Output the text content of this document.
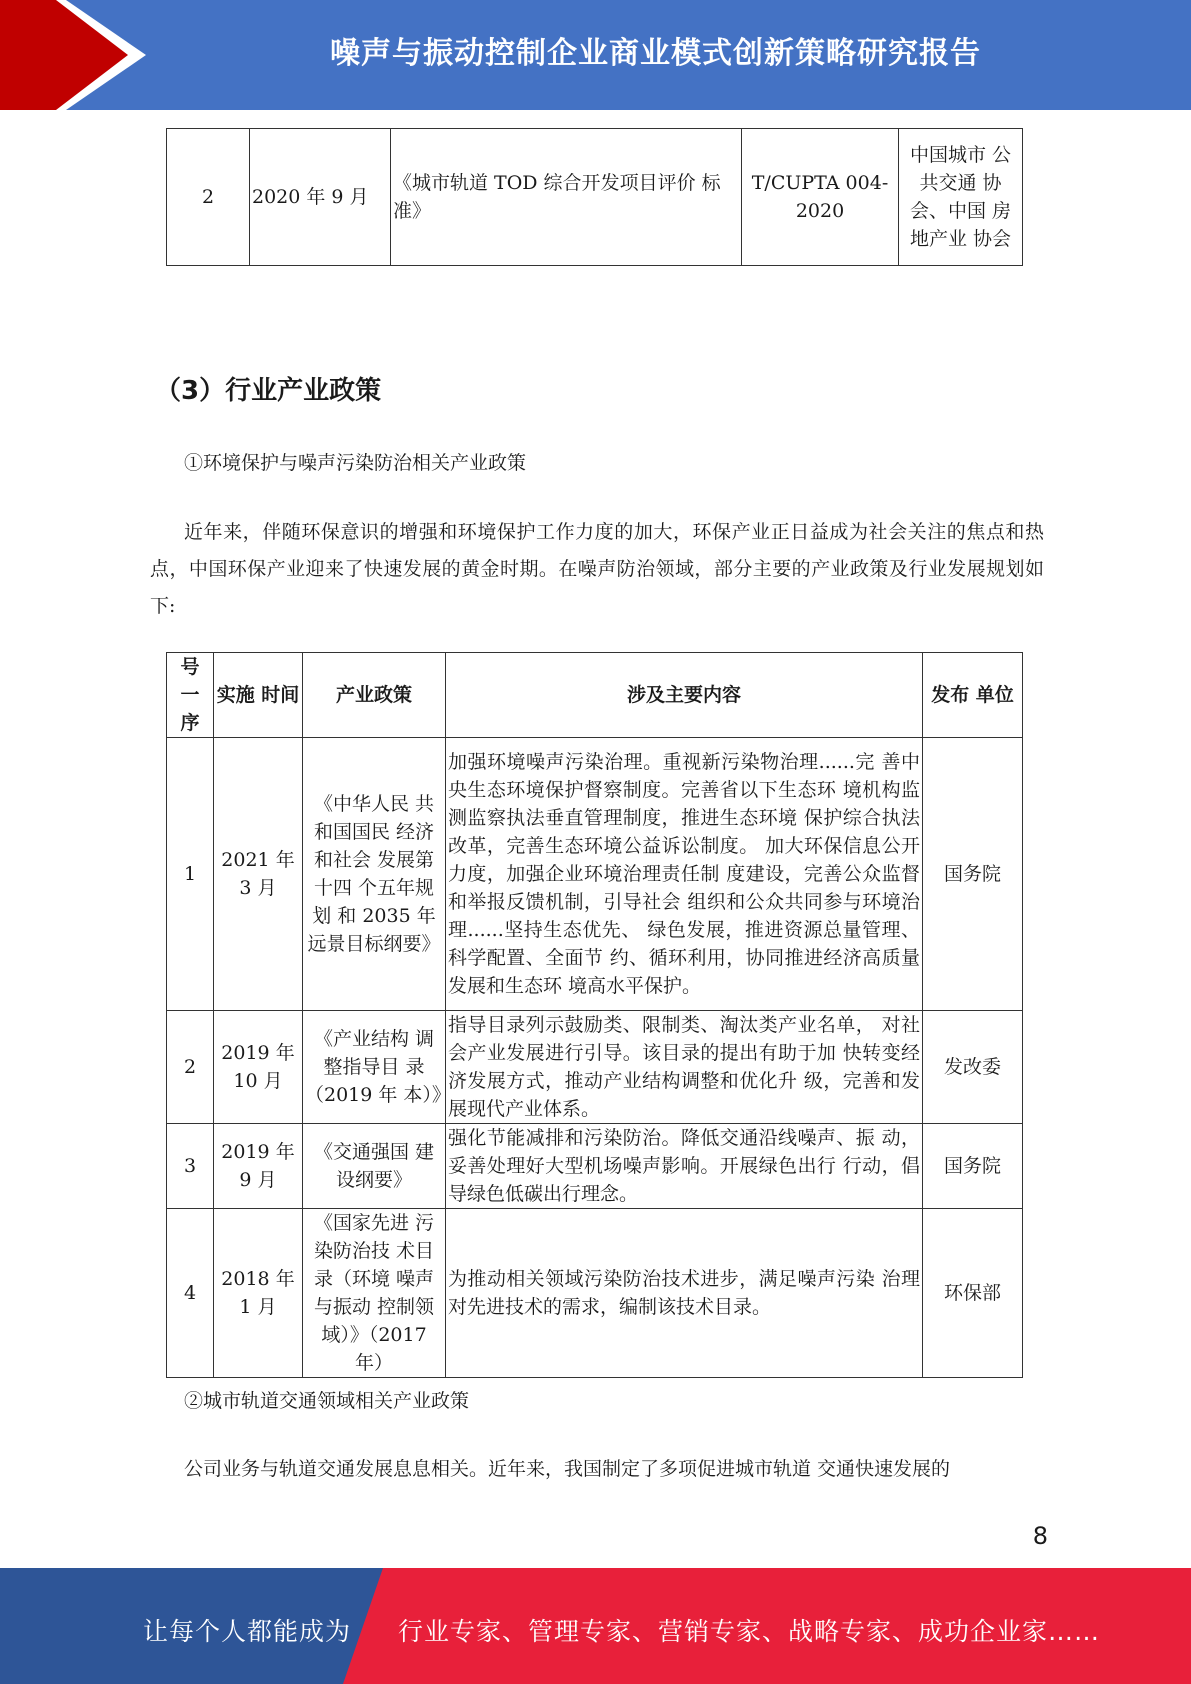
噪声与振动控制企业商业模式创新策略研究报告
2	2020 年 9 月	《城市轨道 TOD 综合开发项目评价 标准》	T/CUPTA 004-2020	中国城市 公共交通 协会、中国 房地产业 协会
（3）行业产业政策
①环境保护与噪声污染防治相关产业政策
近年来，伴随环保意识的增强和环境保护工作力度的加大，环保产业正日益成为社会关注的焦点和热点，中国环保产业迎来了快速发展的黄金时期。在噪声防治领域，部分主要的产业政策及行业发展规划如下:
号 一 序	实施 时间	产业政策	涉及主要内容	发布 单位
1	2021 年 3 月	《中华人民 共和国国民 经济和社会 发展第十四 个五年规划 和 2035 年远景目标纲要》	加强环境噪声污染治理。重视新污染物治理......完 善中央生态环境保护督察制度。完善省以下生态环 境机构监测监察执法垂直管理制度，推进生态环境 保护综合执法改革，完善生态环境公益诉讼制度。 加大环保信息公开力度，加强企业环境治理责任制 度建设，完善公众监督和举报反馈机制，引导社会 组织和公众共同参与环境治理......坚持生态优先、 绿色发展，推进资源总量管理、科学配置、全面节 约、循环利用，协同推进经济高质量发展和生态环 境高水平保护。	国务院
2	2019 年 10 月	《产业结构 调整指导目 录（2019 年 本）》	指导目录列示鼓励类、限制类、淘汰类产业名单， 对社会产业发展进行引导。该目录的提出有助于加 快转变经济发展方式，推动产业结构调整和优化升 级，完善和发展现代产业体系。	发改委
3	2019 年 9 月	《交通强国 建设纲要》	强化节能减排和污染防治。降低交通沿线噪声、振 动，妥善处理好大型机场噪声影响。开展绿色出行 行动，倡导绿色低碳出行理念。	国务院
4	2018 年 1 月	《国家先进 污染防治技 术目录（环境 噪声与振动 控制领域）》（2017 年）	为推动相关领域污染防治技术进步，满足噪声污染 治理对先进技术的需求，编制该技术目录。	环保部
②城市轨道交通领域相关产业政策
公司业务与轨道交通发展息息相关。近年来，我国制定了多项促进城市轨道 交通快速发展的
8
让每个人都能成为 行业专家、管理专家、营销专家、战略专家、成功企业家……
